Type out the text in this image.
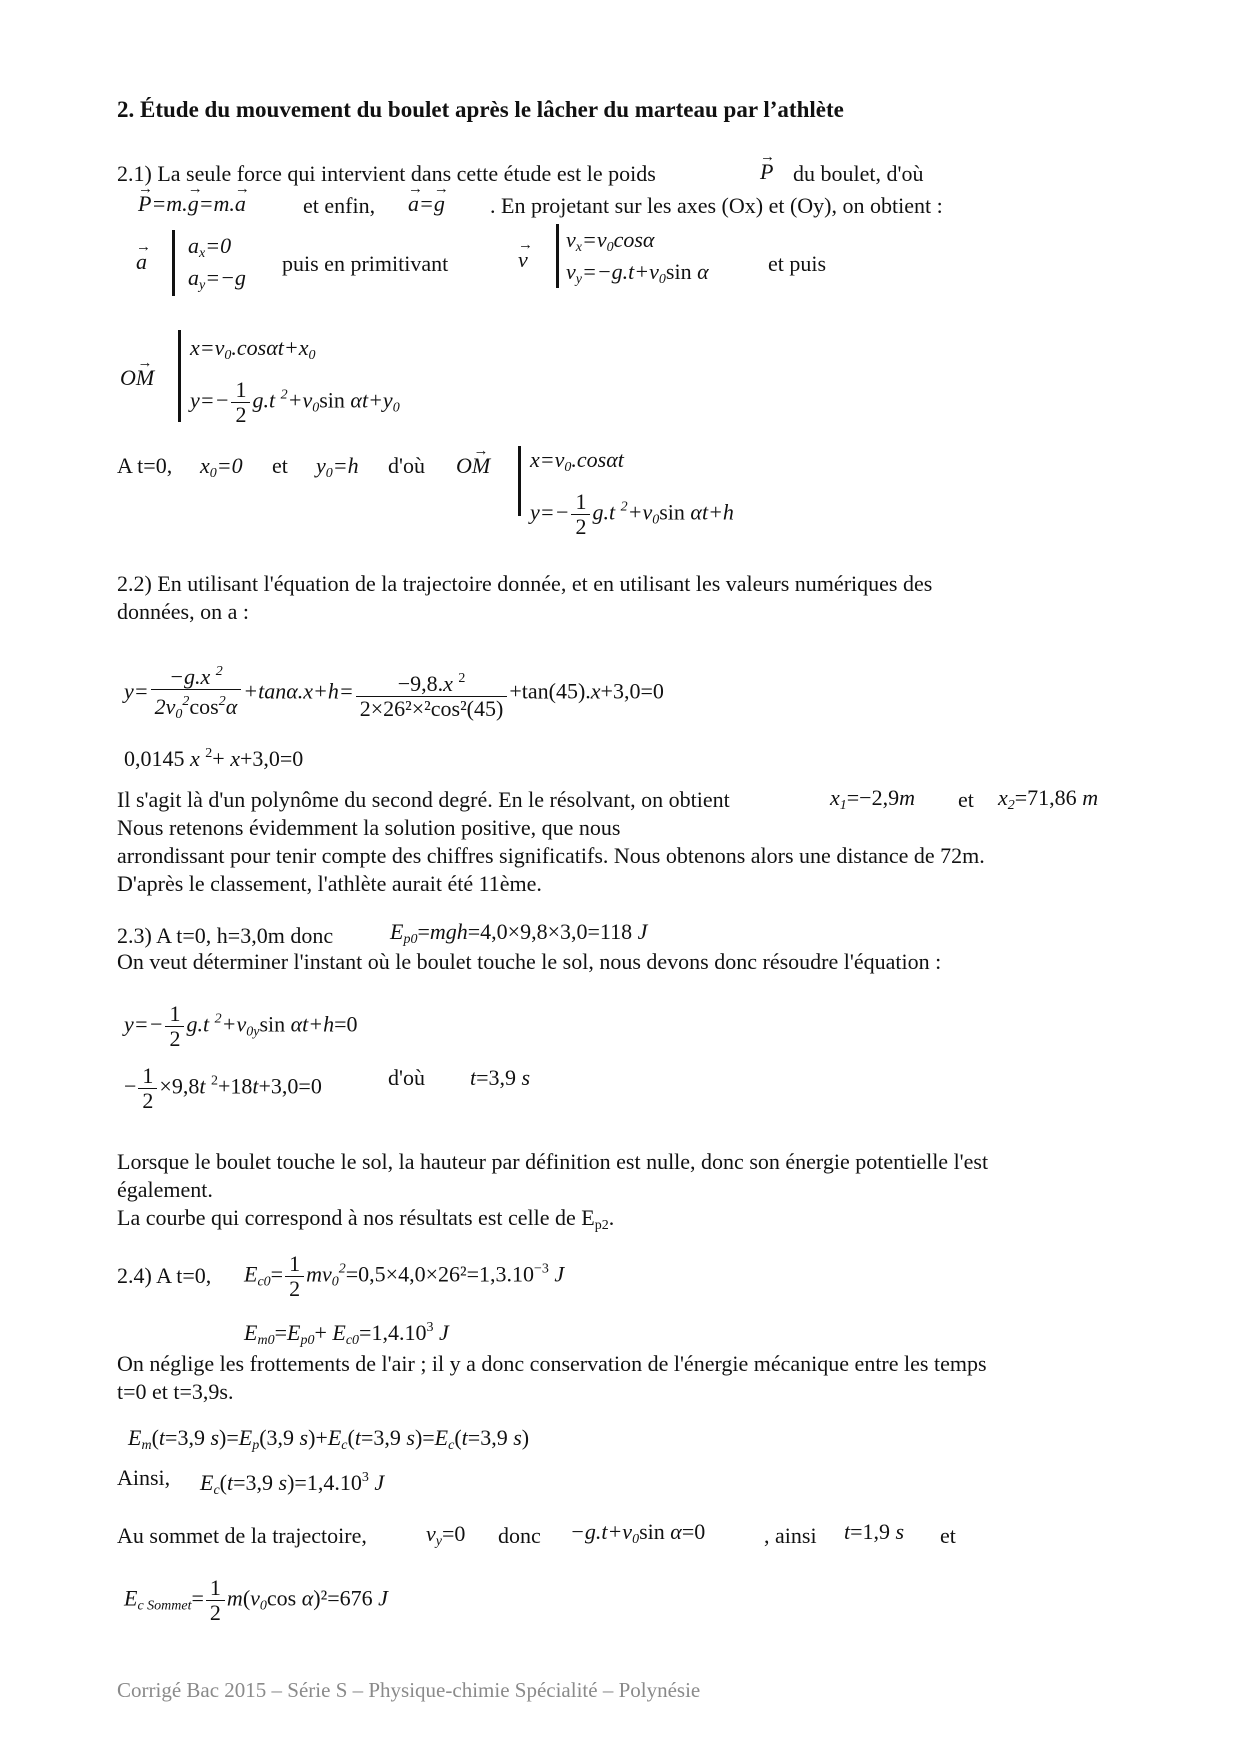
2. Étude du mouvement du boulet après le lâcher du marteau par l’athlète
2.1) La seule force qui intervient dans cette étude est le poids	→ P du boulet, d'où
→ P=m.→ g=m.→ a	et enfin, → a=→ g . En projetant sur les axes (Ox) et (Oy), on obtient :
→ a
$a_x=0$
$a_y=-g$
puis en primitivant	→ v
$v_x=v_0\cos\alpha$
$v_y=-g.t+v_0\sin$ α	et puis
O→ M
$x=v_0.\cos\alpha t+x_0$
$y=- \frac{1}{2} g.t$ $^2+v_0\sin$ $\alpha t+y_0$
A t=0, $x_0=0$ et $y_0=h$ d'où O→ M $x=v_0.\cos\alpha t$
$y=- \frac{1}{2} g.t$ $^2+v_0\sin$ αt+h
2.2) En utilisant l'équation de la trajectoire donnée, et en utilisant les valeurs numériques des
données, on a :
$y= \frac{-g.x ^2}{2v_0^2\cos^2\alpha} +\tan\alpha.x+h= \frac{-9,8.x ^2}{\text{2×26²×²cos²(45)}} +\tan(45).x+3,0=0$
0,0145 x $^2$+ x+3,0=0
Il s'agit là d'un polynôme du second degré. En le résolvant, on obtient	$x_1=-2,9m$ et $x_2=71,86$ m
Nous retenons évidemment la solution positive, que nous
arrondissant pour tenir compte des chiffres significatifs. Nous obtenons alors une distance de 72m.
D'après le classement, l'athlète aurait été 11ème.
2.3) A t=0, h=3,0m donc	$E_{p0}=mgh=4,0\times 9,8\times 3,0=118$ J
On veut déterminer l'instant où le boulet touche le sol, nous devons donc résoudre l'équation :
$y=- \frac{1}{2} g.t$ $^2+v_{0y}\sin$ αt+h=0
− $\frac{1}{2} \times 9,8t$ $^2$+18t+3,0=0	d'où t=3,9 s
Lorsque le boulet touche le sol, la hauteur par définition est nulle, donc son énergie potentielle l'est
également.
La courbe qui correspond à nos résultats est celle de $E_{p2}$.
2.4) A t=0, $E_{c0}= \frac{1}{2} mv_0^2=0,5\times 4,0\times 26^2=1,3.10^{-3}$ J
$E_{m0}=E_{p0}+ E_{c0}=1,4.10^3$ J
On néglige les frottements de l'air ; il y a donc conservation de l'énergie mécanique entre les temps
t=0 et t=3,9s.
$E_m(t=3,9$ $s)=E_p(3,9$ $s)+E_c(t=3,9$ $s)=E_c(t=3,9$ s)
Ainsi, $E_c(t=3,9$ $s)=1,4.10^3$ J
Au sommet de la trajectoire,	$v_y=0$ donc $-g.t+v_0\sin$ α=0	, ainsi t=1,9 s et
$E_{c Sommet}= \frac{1}{2} m(v_0\cos$ α)²=676 J
Corrigé Bac 2015 – Série S – Physique-chimie Spécialité – Polynésie
